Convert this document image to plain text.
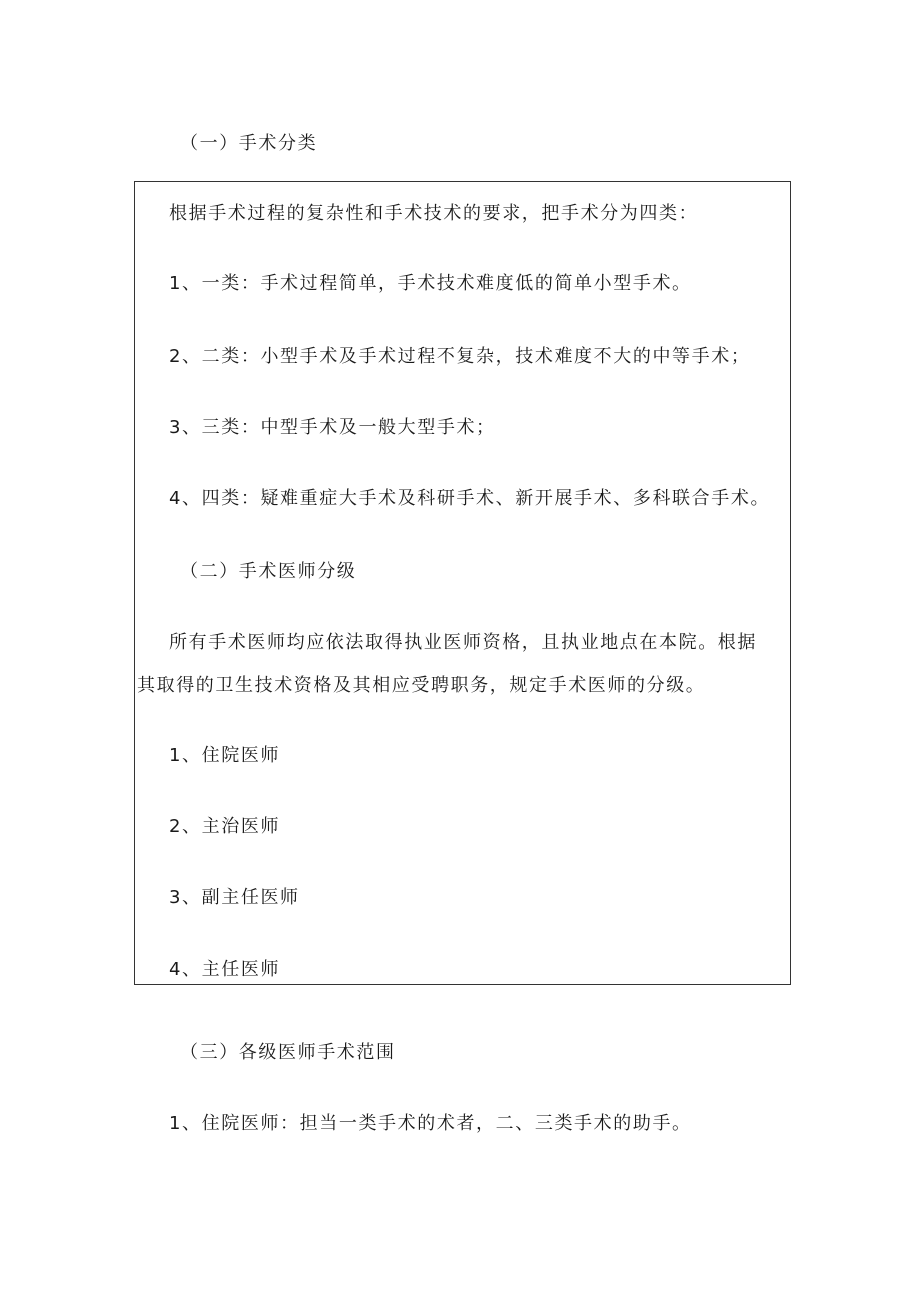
（一）手术分类
根据手术过程的复杂性和手术技术的要求，把手术分为四类：
1、一类：手术过程简单，手术技术难度低的简单小型手术。
2、二类：小型手术及手术过程不复杂，技术难度不大的中等手术；
3、三类：中型手术及一般大型手术；
4、四类：疑难重症大手术及科研手术、新开展手术、多科联合手术。
（二）手术医师分级
所有手术医师均应依法取得执业医师资格，且执业地点在本院。根据
其取得的卫生技术资格及其相应受聘职务，规定手术医师的分级。
1、住院医师
2、主治医师
3、副主任医师
4、主任医师
（三）各级医师手术范围
1、住院医师：担当一类手术的术者，二、三类手术的助手。
